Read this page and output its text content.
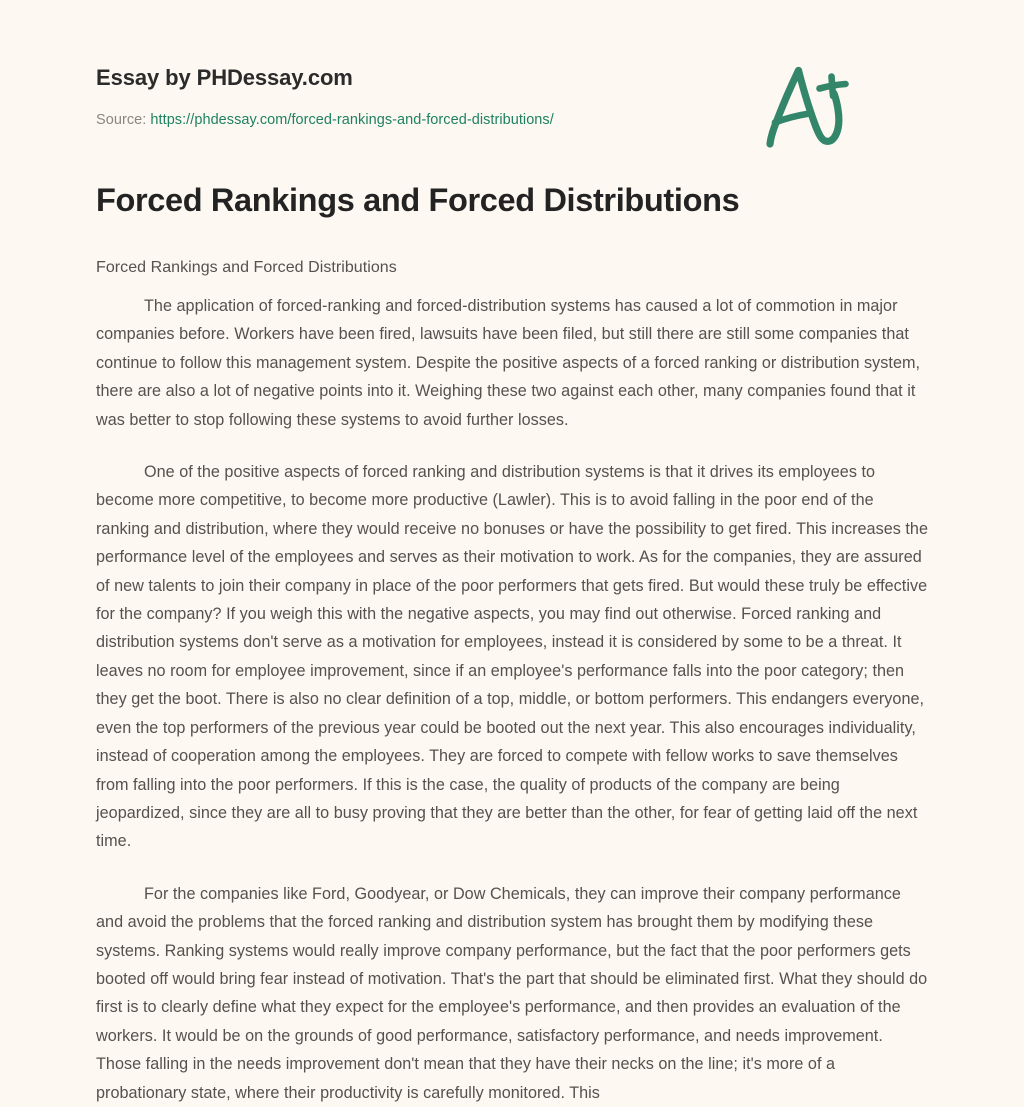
Essay by PHDessay.com
Source: https://phdessay.com/forced-rankings-and-forced-distributions/
Forced Rankings and Forced Distributions
Forced Rankings and Forced Distributions

The application of forced-ranking and forced-distribution systems has caused a lot of commotion in major companies before. Workers have been fired, lawsuits have been filed, but still there are still some companies that continue to follow this management system. Despite the positive aspects of a forced ranking or distribution system, there are also a lot of negative points into it. Weighing these two against each other, many companies found that it was better to stop following these systems to avoid further losses.

One of the positive aspects of forced ranking and distribution systems is that it drives its employees to become more competitive, to become more productive (Lawler). This is to avoid falling in the poor end of the ranking and distribution, where they would receive no bonuses or have the possibility to get fired. This increases the performance level of the employees and serves as their motivation to work. As for the companies, they are assured of new talents to join their company in place of the poor performers that gets fired. But would these truly be effective for the company? If you weigh this with the negative aspects, you may find out otherwise. Forced ranking and distribution systems don't serve as a motivation for employees, instead it is considered by some to be a threat. It leaves no room for employee improvement, since if an employee's performance falls into the poor category; then they get the boot. There is also no clear definition of a top, middle, or bottom performers. This endangers everyone, even the top performers of the previous year could be booted out the next year. This also encourages individuality, instead of cooperation among the employees. They are forced to compete with fellow works to save themselves from falling into the poor performers. If this is the case, the quality of products of the company are being jeopardized, since they are all to busy proving that they are better than the other, for fear of getting laid off the next time.

For the companies like Ford, Goodyear, or Dow Chemicals, they can improve their company performance and avoid the problems that the forced ranking and distribution system has brought them by modifying these systems. Ranking systems would really improve company performance, but the fact that the poor performers gets booted off would bring fear instead of motivation. That's the part that should be eliminated first. What they should do first is to clearly define what they expect for the employee's performance, and then provides an evaluation of the workers. It would be on the grounds of good performance, satisfactory performance, and needs improvement. Those falling in the needs improvement don't mean that they have their necks on the line; it's more of a probationary state, where their productivity is carefully monitored. This
